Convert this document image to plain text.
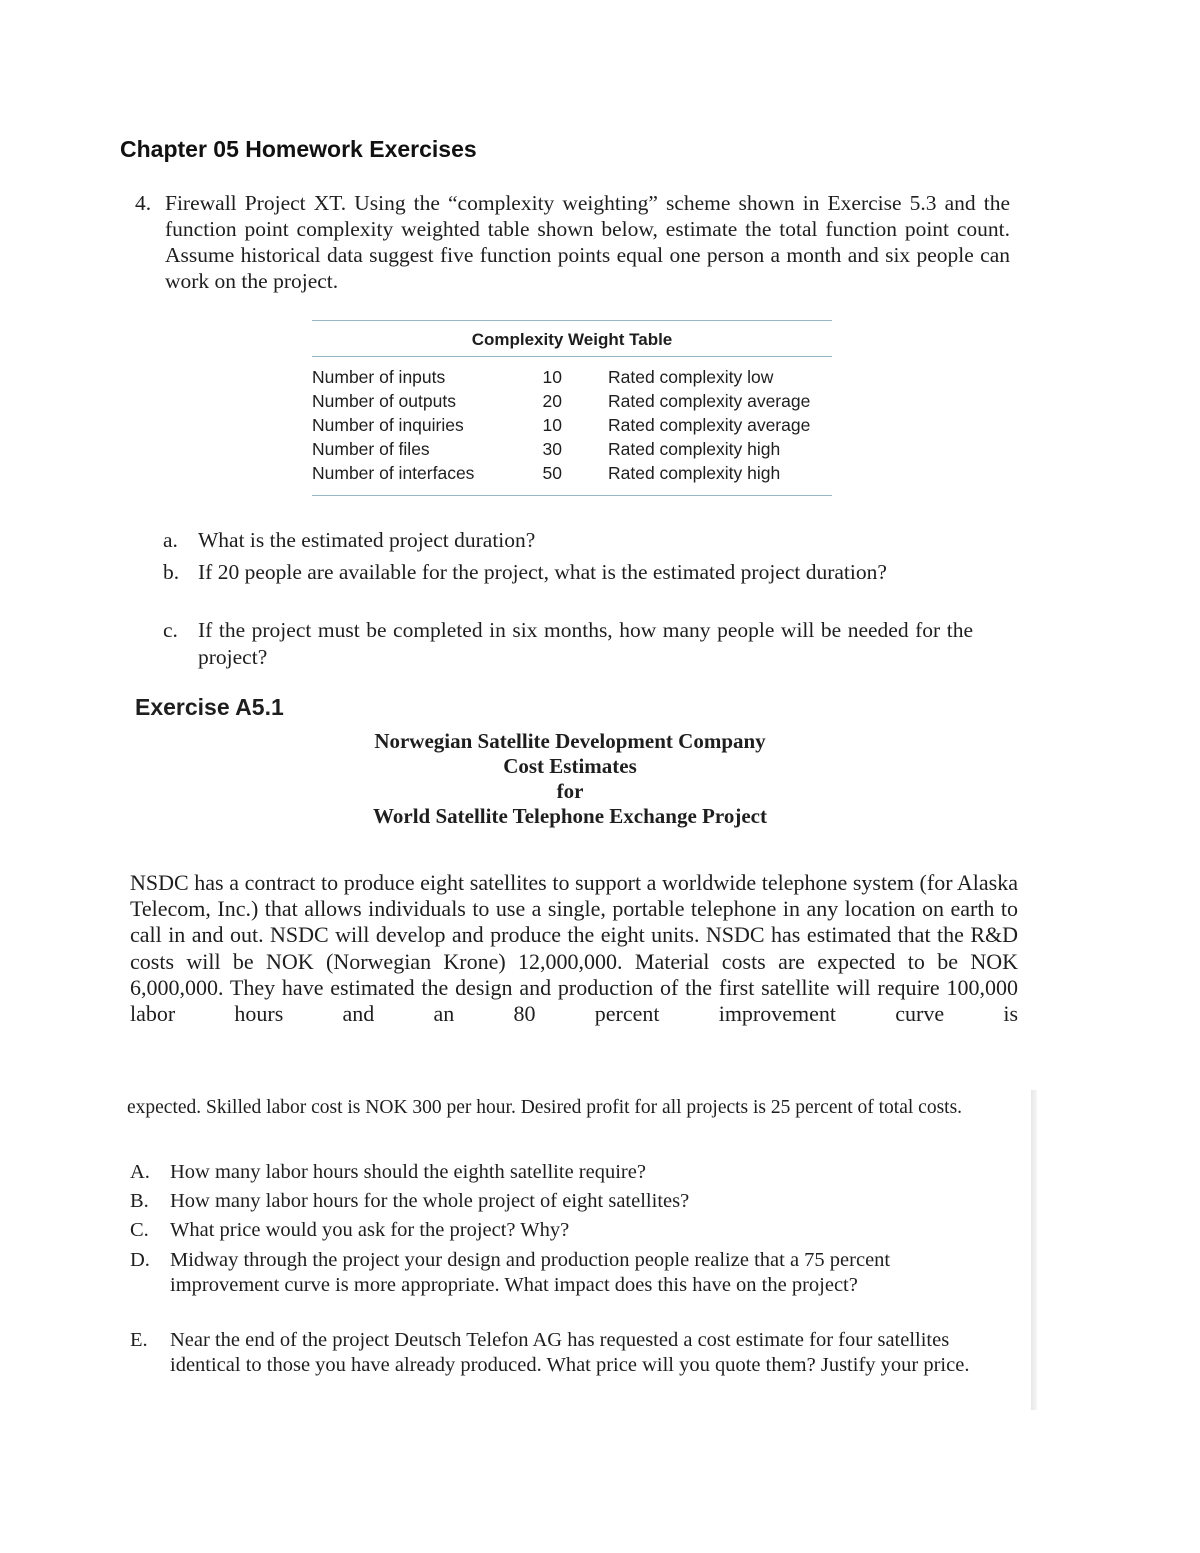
Chapter 05 Homework Exercises
4. Firewall Project XT. Using the “complexity weighting” scheme shown in Exercise 5.3 and the function point complexity weighted table shown below, estimate the total function point count. Assume historical data suggest five function points equal one person a month and six people can work on the project.
Complexity Weight Table
Number of inputs	10	Rated complexity low
Number of outputs	20	Rated complexity average
Number of inquiries	10	Rated complexity average
Number of files	30	Rated complexity high
Number of interfaces	50	Rated complexity high
a. What is the estimated project duration?
b. If 20 people are available for the project, what is the estimated project duration?
c. If the project must be completed in six months, how many people will be needed for the project?
Exercise A5.1
Norwegian Satellite Development Company
Cost Estimates
for
World Satellite Telephone Exchange Project
NSDC has a contract to produce eight satellites to support a worldwide telephone system (for Alaska Telecom, Inc.) that allows individuals to use a single, portable telephone in any location on earth to call in and out. NSDC will develop and produce the eight units. NSDC has estimated that the R&D costs will be NOK (Norwegian Krone) 12,000,000. Material costs are expected to be NOK 6,000,000. They have estimated the design and production of the first satellite will require 100,000 labor hours and an 80 percent improvement curve is
expected. Skilled labor cost is NOK 300 per hour. Desired profit for all projects is 25 percent of total costs.
A. How many labor hours should the eighth satellite require?
B. How many labor hours for the whole project of eight satellites?
C. What price would you ask for the project? Why?
D. Midway through the project your design and production people realize that a 75 percent improvement curve is more appropriate. What impact does this have on the project?
E. Near the end of the project Deutsch Telefon AG has requested a cost estimate for four satellites identical to those you have already produced. What price will you quote them? Justify your price.
